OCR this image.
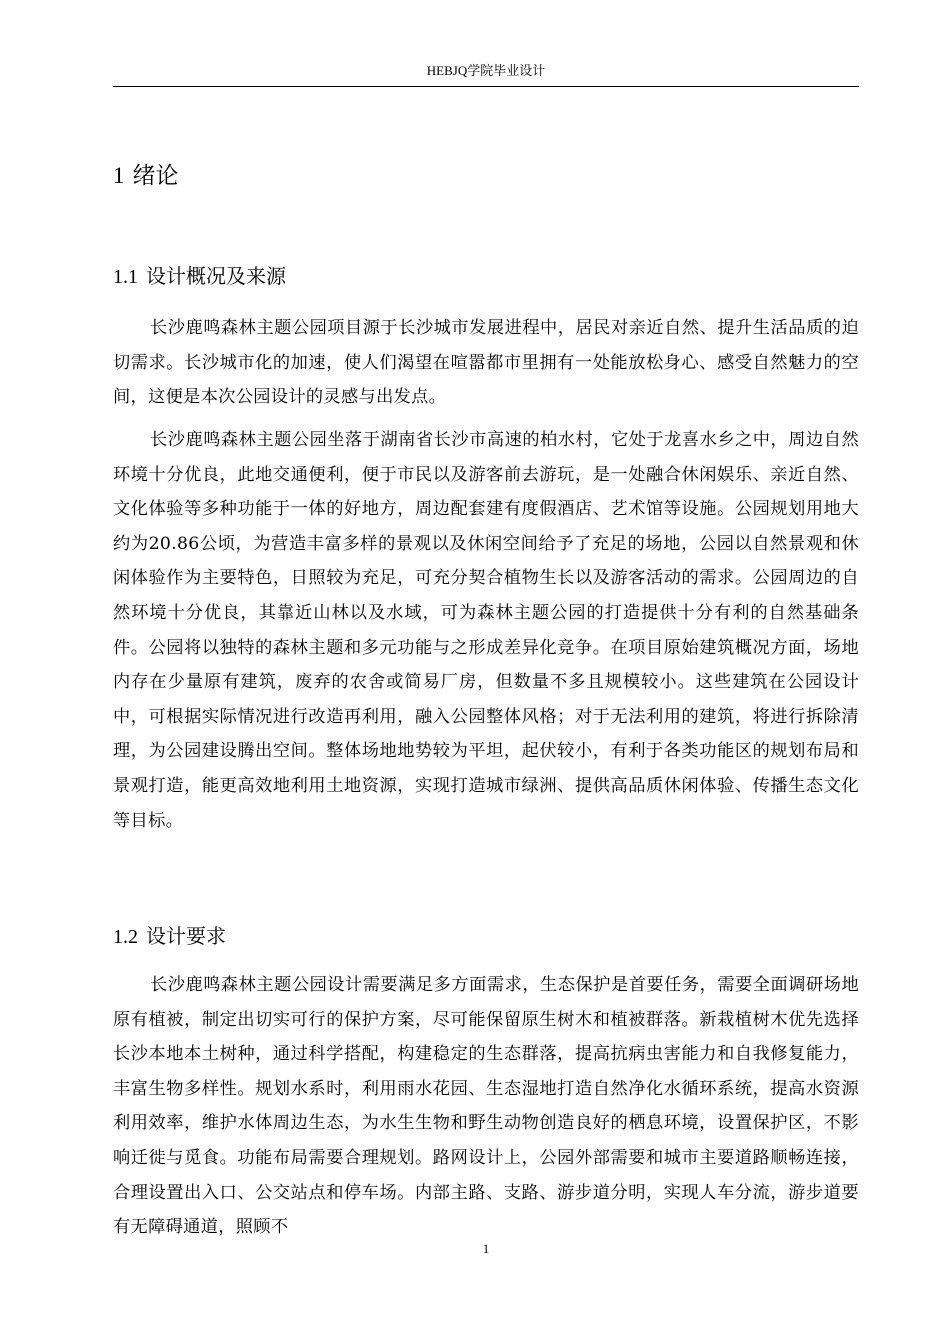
HEBJQ学院毕业设计
1 绪论
1.1 设计概况及来源

长沙鹿鸣森林主题公园项目源于长沙城市发展进程中，居民对亲近自然、提升生活品质的迫切需求。长沙城市化的加速，使人们渴望在喧嚣都市里拥有一处能放松身心、感受自然魅力的空间，这便是本次公园设计的灵感与出发点。

长沙鹿鸣森林主题公园坐落于湖南省长沙市高速的柏水村，它处于龙喜水乡之中，周边自然环境十分优良，此地交通便利，便于市民以及游客前去游玩，是一处融合休闲娱乐、亲近自然、文化体验等多种功能于一体的好地方，周边配套建有度假酒店、艺术馆等设施。公园规划用地大约为20.86公顷，为营造丰富多样的景观以及休闲空间给予了充足的场地，公园以自然景观和休闲体验作为主要特色，日照较为充足，可充分契合植物生长以及游客活动的需求。公园周边的自然环境十分优良，其靠近山林以及水域，可为森林主题公园的打造提供十分有利的自然基础条件。公园将以独特的森林主题和多元功能与之形成差异化竞争。在项目原始建筑概况方面，场地内存在少量原有建筑，废弃的农舍或简易厂房，但数量不多且规模较小。这些建筑在公园设计中，可根据实际情况进行改造再利用，融入公园整体风格；对于无法利用的建筑，将进行拆除清理，为公园建设腾出空间。整体场地地势较为平坦，起伏较小，有利于各类功能区的规划布局和景观打造，能更高效地利用土地资源，实现打造城市绿洲、提供高品质休闲体验、传播生态文化等目标。

1.2 设计要求

长沙鹿鸣森林主题公园设计需要满足多方面需求，生态保护是首要任务，需要全面调研场地原有植被，制定出切实可行的保护方案，尽可能保留原生树木和植被群落。新栽植树木优先选择长沙本地本土树种，通过科学搭配，构建稳定的生态群落，提高抗病虫害能力和自我修复能力，丰富生物多样性。规划水系时，利用雨水花园、生态湿地打造自然净化水循环系统，提高水资源利用效率，维护水体周边生态，为水生生物和野生动物创造良好的栖息环境，设置保护区，不影响迁徙与觅食。功能布局需要合理规划。路网设计上，公园外部需要和城市主要道路顺畅连接，合理设置出入口、公交站点和停车场。内部主路、支路、游步道分明，实现人车分流，游步道要有无障碍通道，照顾不

1
